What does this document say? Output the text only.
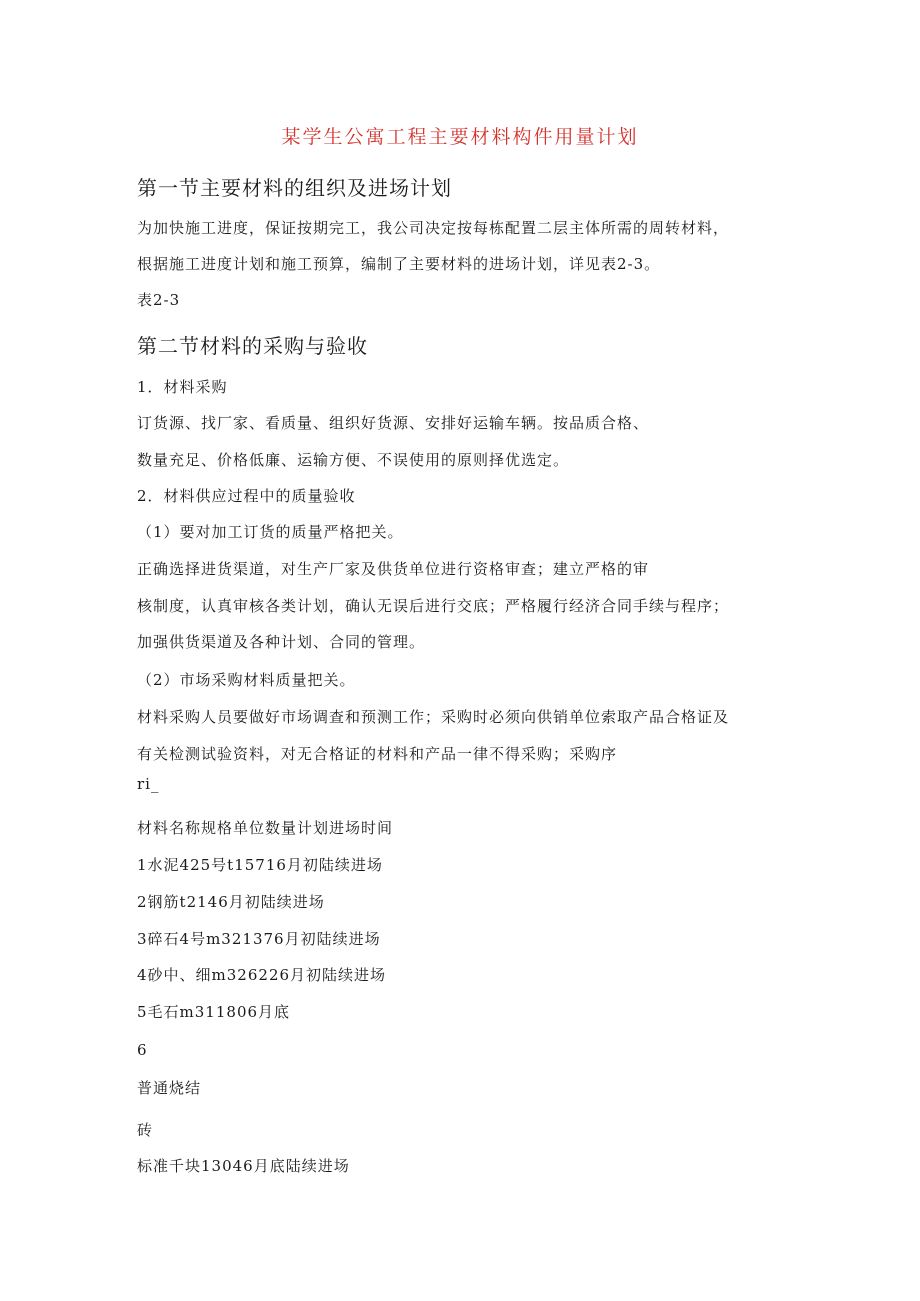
某学生公寓工程主要材料构件用量计划
第一节主要材料的组织及进场计划
为加快施工进度，保证按期完工，我公司决定按每栋配置二层主体所需的周转材料，
根据施工进度计划和施工预算，编制了主要材料的进场计划，详见表2-3。
表2-3
第二节材料的采购与验收
1．材料采购
订货源、找厂家、看质量、组织好货源、安排好运输车辆。按品质合格、
数量充足、价格低廉、运输方便、不误使用的原则择优选定。
2．材料供应过程中的质量验收
（1）要对加工订货的质量严格把关。
正确选择进货渠道，对生产厂家及供货单位进行资格审查；建立严格的审
核制度，认真审核各类计划，确认无误后进行交底；严格履行经济合同手续与程序；
加强供货渠道及各种计划、合同的管理。
（2）市场采购材料质量把关。
材料采购人员要做好市场调查和预测工作；采购时必须向供销单位索取产品合格证及
有关检测试验资料，对无合格证的材料和产品一律不得采购；采购序
ri_
材料名称规格单位数量计划进场时间
1水泥425号t15716月初陆续进场
2钢筋t2146月初陆续进场
3碎石4号m321376月初陆续进场
4砂中、细m326226月初陆续进场
5毛石m311806月底
6
普通烧结
砖
标准千块13046月底陆续进场
